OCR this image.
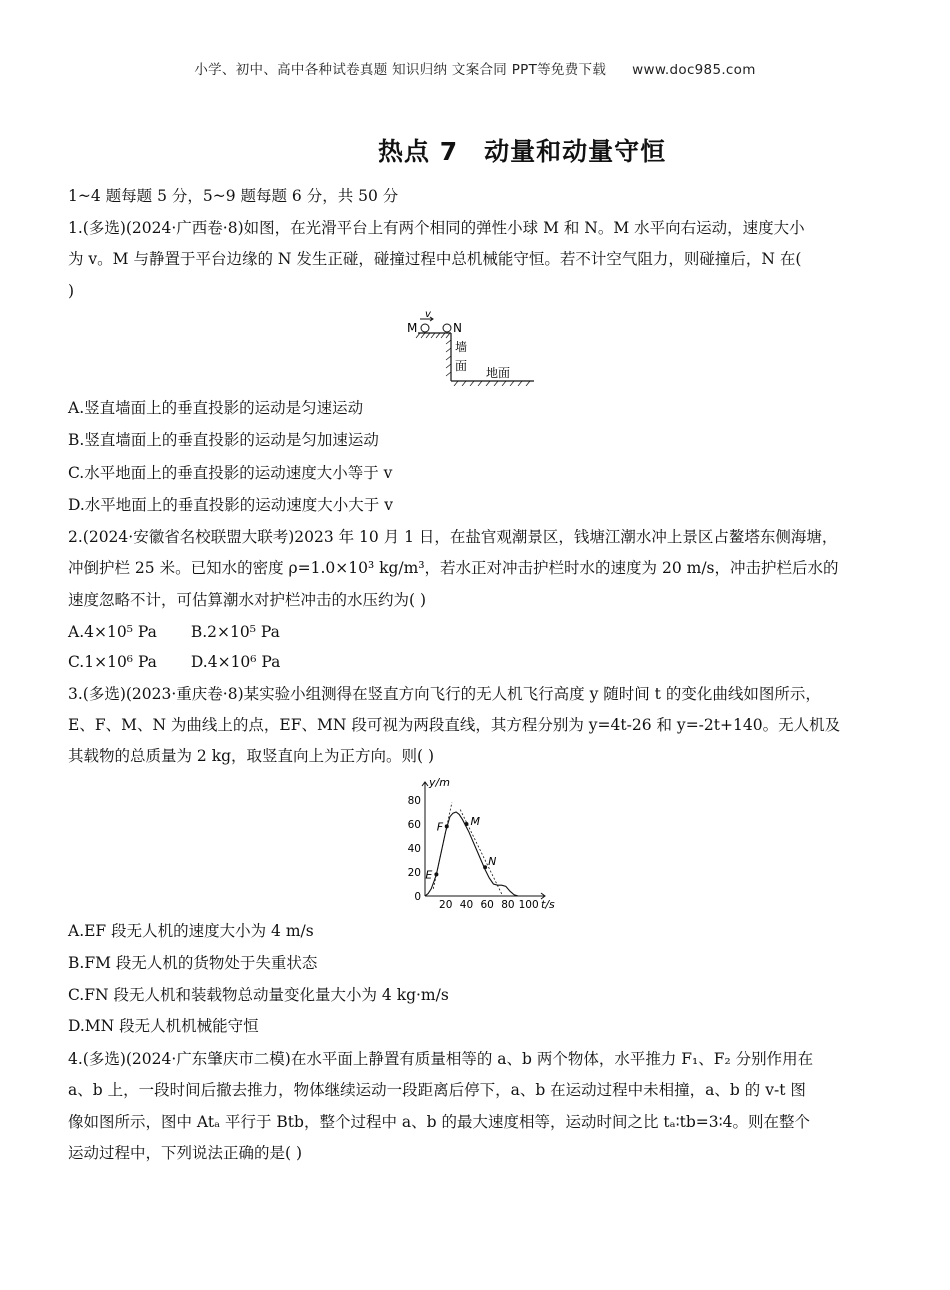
小学、初中、高中各种试卷真题 知识归纳 文案合同 PPT等免费下载 www.doc985.com
热点 7 动量和动量守恒
1~4 题每题 5 分，5~9 题每题 6 分，共 50 分
1.(多选)(2024·广西卷·8)如图，在光滑平台上有两个相同的弹性小球 M 和 N。M 水平向右运动，速度大小
为 v。M 与静置于平台边缘的 N 发生正碰，碰撞过程中总机械能守恒。若不计空气阻力，则碰撞后，N 在(
)
v
M	N
墙
面 地面
A.竖直墙面上的垂直投影的运动是匀速运动
B.竖直墙面上的垂直投影的运动是匀加速运动
C.水平地面上的垂直投影的运动速度大小等于 v
D.水平地面上的垂直投影的运动速度大小大于 v
2.(2024·安徽省名校联盟大联考)2023 年 10 月 1 日，在盐官观潮景区，钱塘江潮水冲上景区占鳌塔东侧海塘，
冲倒护栏 25 米。已知水的密度 ρ=1.0×10³ kg/m³，若水正对冲击护栏时水的速度为 20 m/s，冲击护栏后水的
速度忽略不计，可估算潮水对护栏冲击的水压约为( )
A.4×10⁵ Pa B.2×10⁵ Pa
C.1×10⁶ Pa D.4×10⁶ Pa
3.(多选)(2023·重庆卷·8)某实验小组测得在竖直方向飞行的无人机飞行高度 y 随时间 t 的变化曲线如图所示，
E、F、M、N 为曲线上的点，EF、MN 段可视为两段直线，其方程分别为 y=4t-26 和 y=-2t+140。无人机及
其载物的总质量为 2 kg，取竖直向上为正方向。则( )
y/m
t/s
20 40 60 80 100
0
20
40
60
80
E
F M
N
A.EF 段无人机的速度大小为 4 m/s
B.FM 段无人机的货物处于失重状态
C.FN 段无人机和装载物总动量变化量大小为 4 kg·m/s
D.MN 段无人机机械能守恒
4.(多选)(2024·广东肇庆市二模)在水平面上静置有质量相等的 a、b 两个物体，水平推力 F₁、F₂ 分别作用在
a、b 上，一段时间后撤去推力，物体继续运动一段距离后停下，a、b 在运动过程中未相撞，a、b 的 v-t 图
像如图所示，图中 Atₐ 平行于 Btb，整个过程中 a、b 的最大速度相等，运动时间之比 tₐ∶tb=3∶4。则在整个
运动过程中，下列说法正确的是( )
